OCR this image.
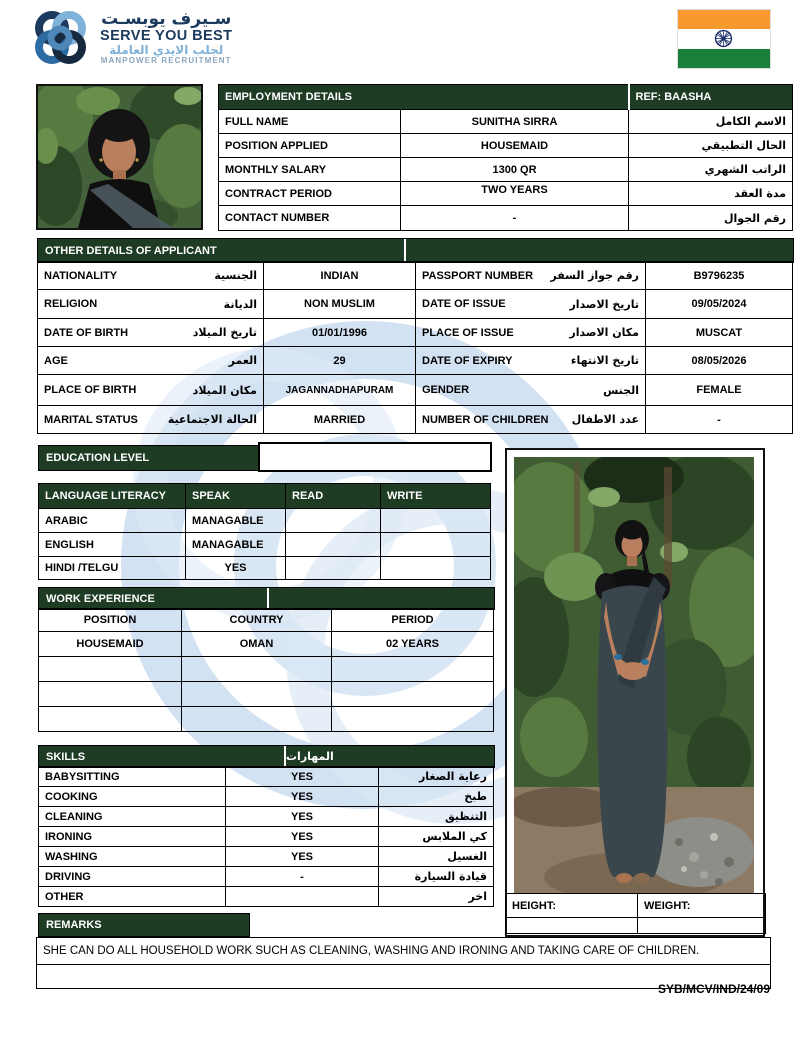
سـيرف يوبسـت
SERVE YOU BEST
لجلب الايدي العاملة
MANPOWER RECRUITMENT
EMPLOYMENT DETAILS		REF: BAASHA
FULL NAME	SUNITHA SIRRA	الاسم الكامل
POSITION APPLIED	HOUSEMAID	الحال التطبيقي
MONTHLY SALARY	1300 QR	الراتب الشهري
CONTRACT PERIOD	TWO YEARS	مدة العقد
CONTACT NUMBER	-	رقم الجوال
OTHER DETAILS OF APPLICANT
NATIONALITY الجنسية	INDIAN	PASSPORT NUMBER رقم جواز السفر	B9796235

RELIGION الديانة	NON MUSLIM	DATE OF ISSUE تاريخ الاصدار	09/05/2024

DATE OF BIRTH تاريخ الميلاد	01/01/1996	PLACE OF ISSUE مكان الاصدار	MUSCAT

AGE العمر	29	DATE OF EXPIRY تاريخ الانتهاء	08/05/2026

PLACE OF BIRTH مكان الميلاد	JAGANNADHAPURAM	GENDER الجنس	FEMALE

MARITAL STATUS الحالة الاجتماعية	MARRIED	NUMBER OF CHILDREN عدد الاطفال	-
EDUCATION LEVEL
LANGUAGE LITERACY	SPEAK	READ	WRITE
ARABIC	MANAGABLE		
ENGLISH	MANAGABLE		
HINDI /TELGU	YES		
WORK EXPERIENCE
POSITION	COUNTRY	PERIOD
HOUSEMAID	OMAN	02 YEARS

SKILLS	المهارات
BABYSITTING	YES	رعاية الصغار
COOKING	YES	طبخ
CLEANING	YES	التنظيق
IRONING	YES	كي الملابس
WASHING	YES	الغسيل
DRIVING	-	قيادة السيارة
OTHER		اخر
HEIGHT:	WEIGHT:

REMARKS
SHE CAN DO ALL HOUSEHOLD WORK SUCH AS CLEANING, WASHING AND IRONING AND TAKING CARE OF CHILDREN.

SYB/MCV/IND/24/09
